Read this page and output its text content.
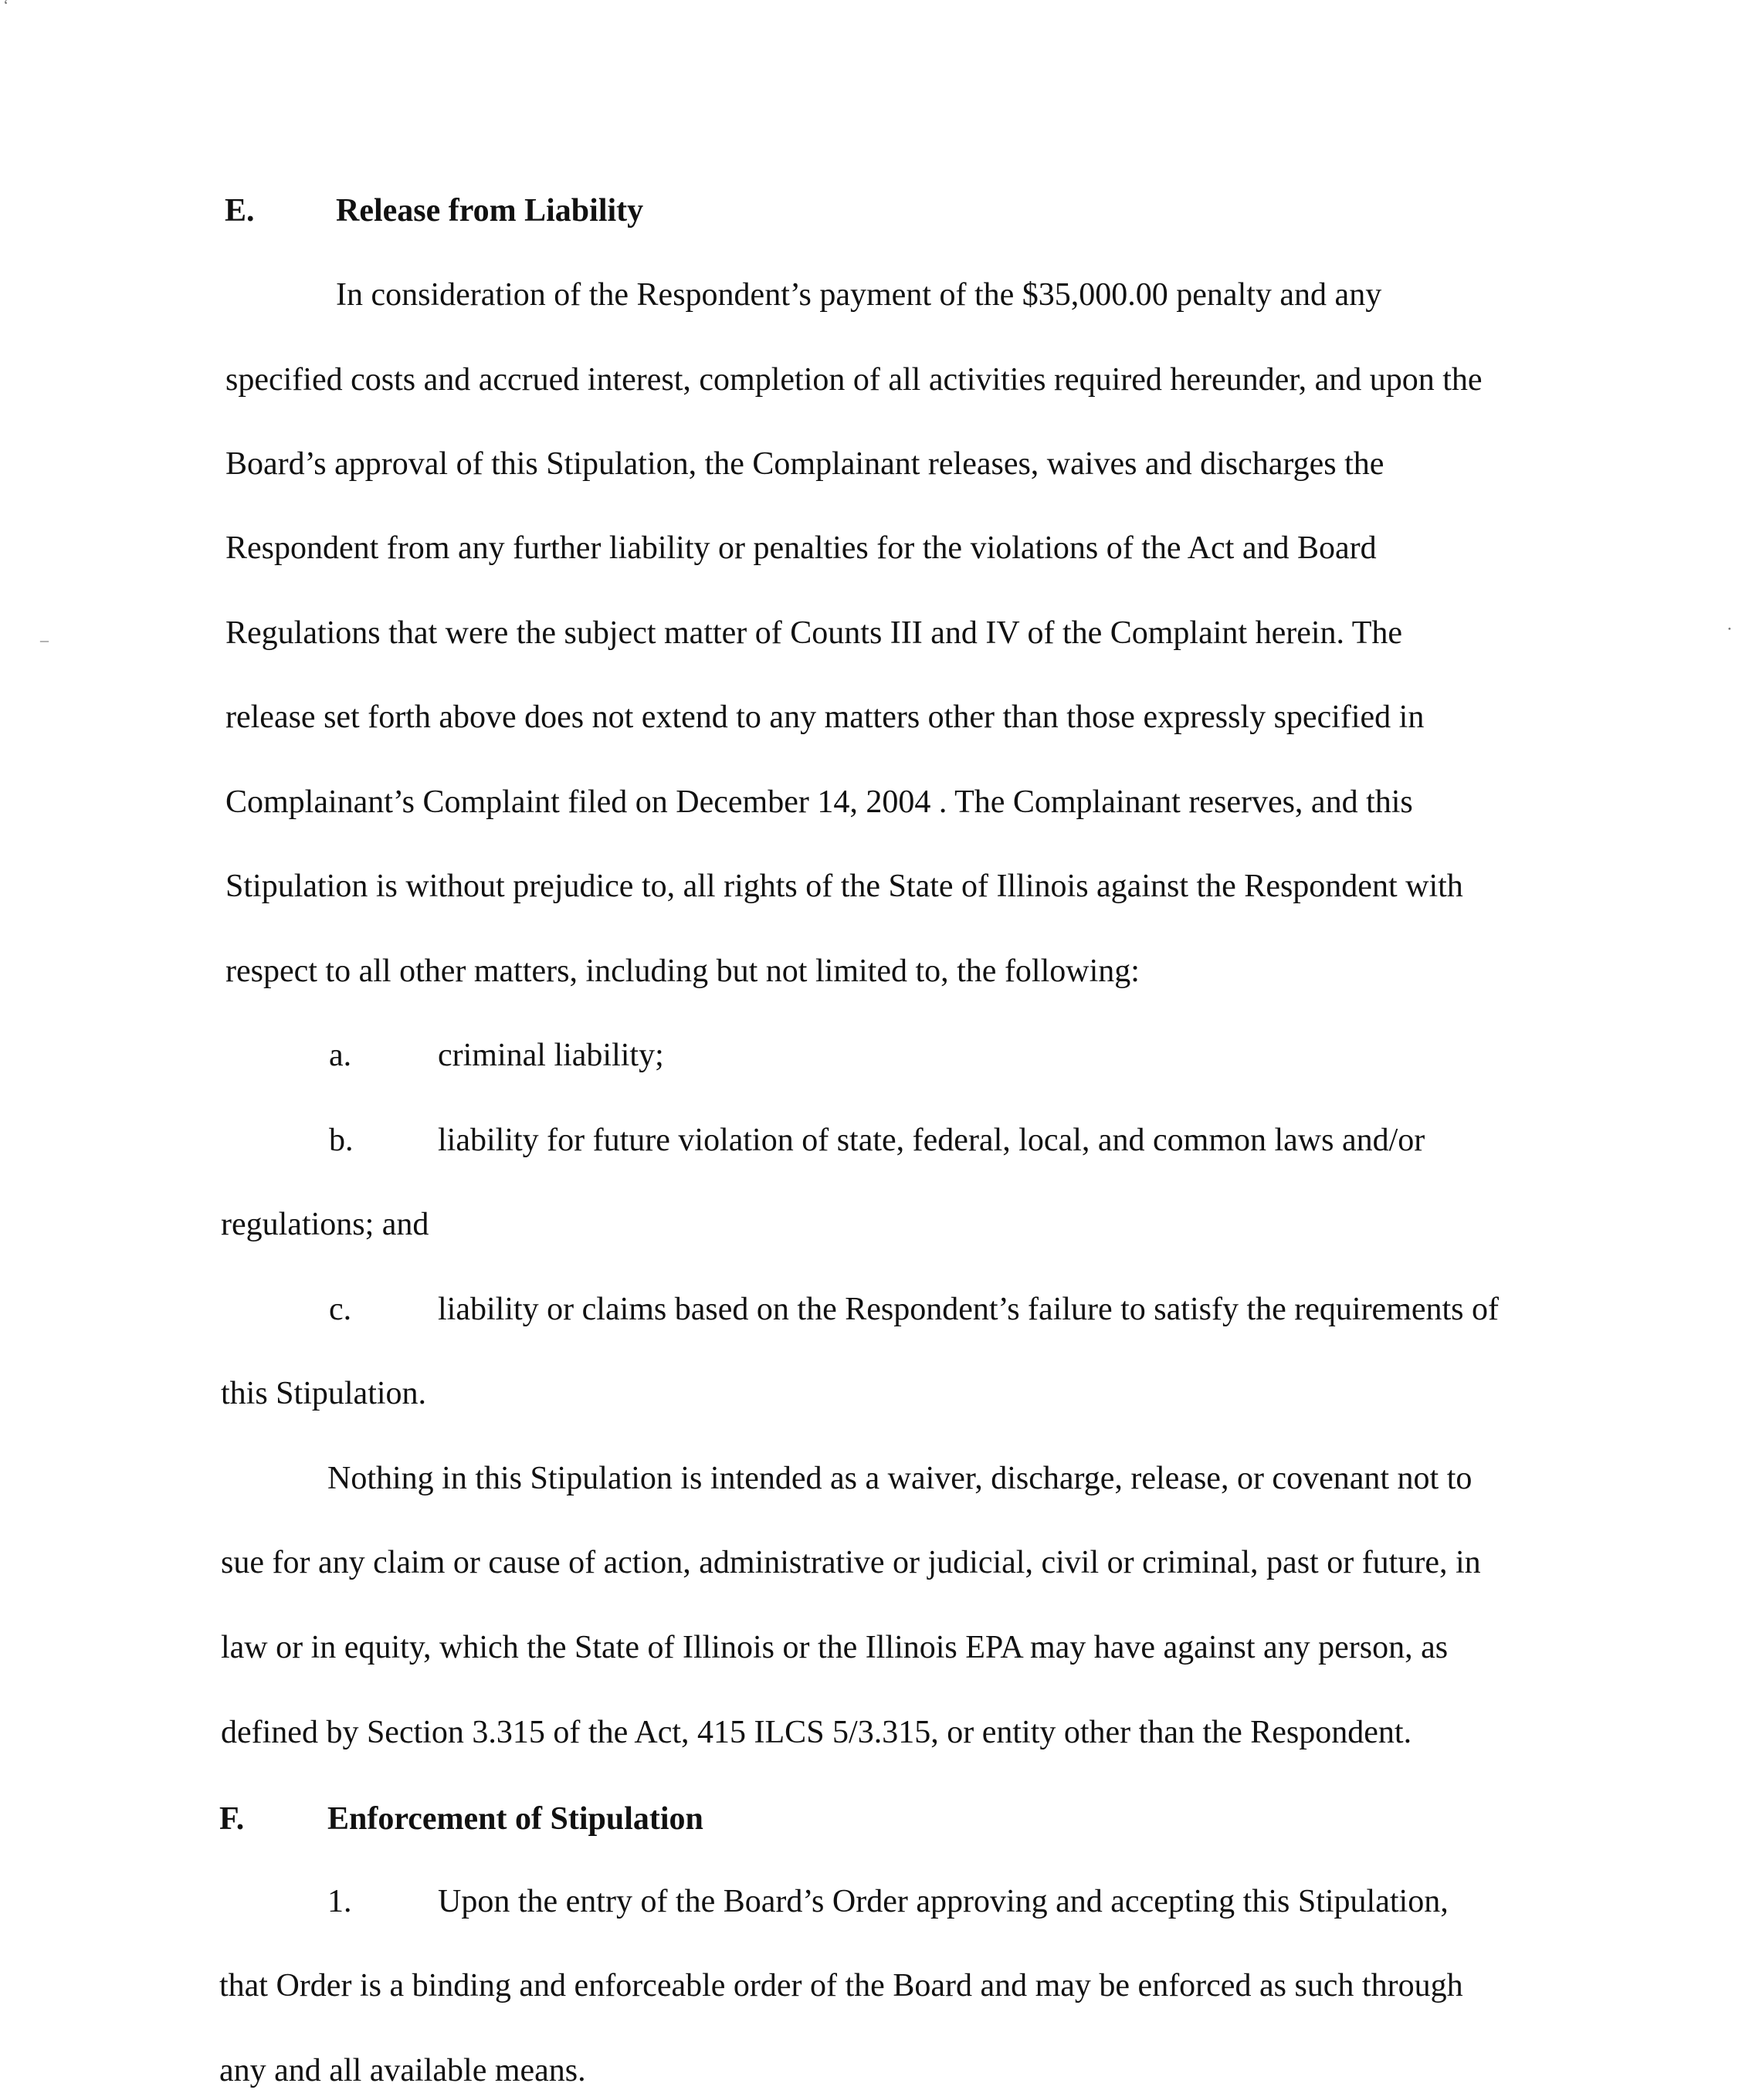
‘
–
⋅
E.	Release from Liability
In consideration of the Respondent’s payment of the $35,000.00 penalty and any
specified costs and accrued interest, completion of all activities required hereunder, and upon the
Board’s approval of this Stipulation, the Complainant releases, waives and discharges the
Respondent from any further liability or penalties for the violations of the Act and Board
Regulations that were the subject matter of Counts III and IV of the Complaint herein. The
release set forth above does not extend to any matters other than those expressly specified in
Complainant’s Complaint filed on December 14, 2004 . The Complainant reserves, and this
Stipulation is without prejudice to, all rights of the State of Illinois against the Respondent with
respect to all other matters, including but not limited to, the following:
a.	criminal liability;
b.	liability for future violation of state, federal, local, and common laws and/or
regulations; and
c.	liability or claims based on the Respondent’s failure to satisfy the requirements of
this Stipulation.
Nothing in this Stipulation is intended as a waiver, discharge, release, or covenant not to
sue for any claim or cause of action, administrative or judicial, civil or criminal, past or future, in
law or in equity, which the State of Illinois or the Illinois EPA may have against any person, as
defined by Section 3.315 of the Act, 415 ILCS 5/3.315, or entity other than the Respondent.
F.	Enforcement of Stipulation
1.	Upon the entry of the Board’s Order approving and accepting this Stipulation,
that Order is a binding and enforceable order of the Board and may be enforced as such through
any and all available means.
